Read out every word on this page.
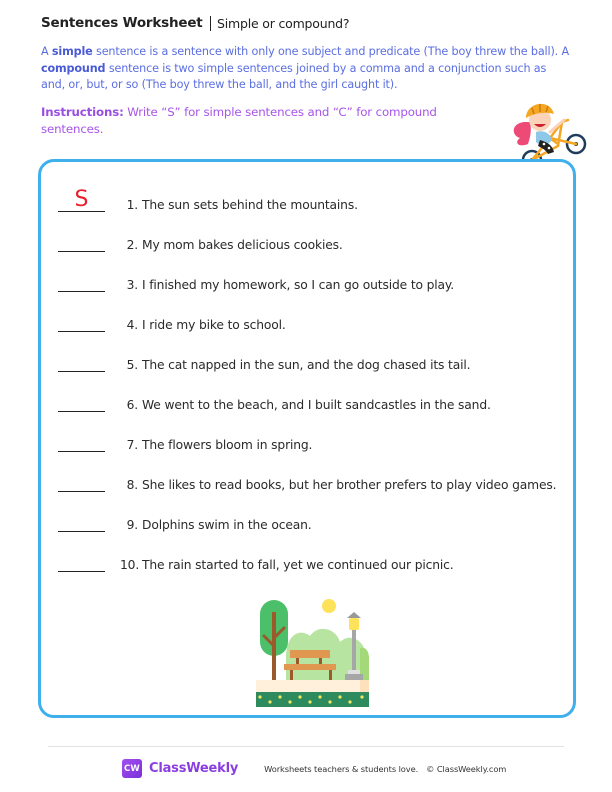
Sentences Worksheet Simple or compound?

A simple sentence is a sentence with only one subject and predicate (The boy threw the ball). A compound sentence is two simple sentences joined by a comma and a conjunction such as and, or, but, or so (The boy threw the ball, and the girl caught it).

Instructions: Write “S” for simple sentences and “C” for compound sentences.

S	1. The sun sets behind the mountains.
2. My mom bakes delicious cookies.
3. I finished my homework, so I can go outside to play.
4. I ride my bike to school.
5. The cat napped in the sun, and the dog chased its tail.
6. We went to the beach, and I built sandcastles in the sand.
7. The flowers bloom in spring.
8. She likes to read books, but her brother prefers to play video games.
9. Dolphins swim in the ocean.
10. The rain started to fall, yet we continued our picnic.
CW ClassWeekly	Worksheets teachers & students love. © ClassWeekly.com
